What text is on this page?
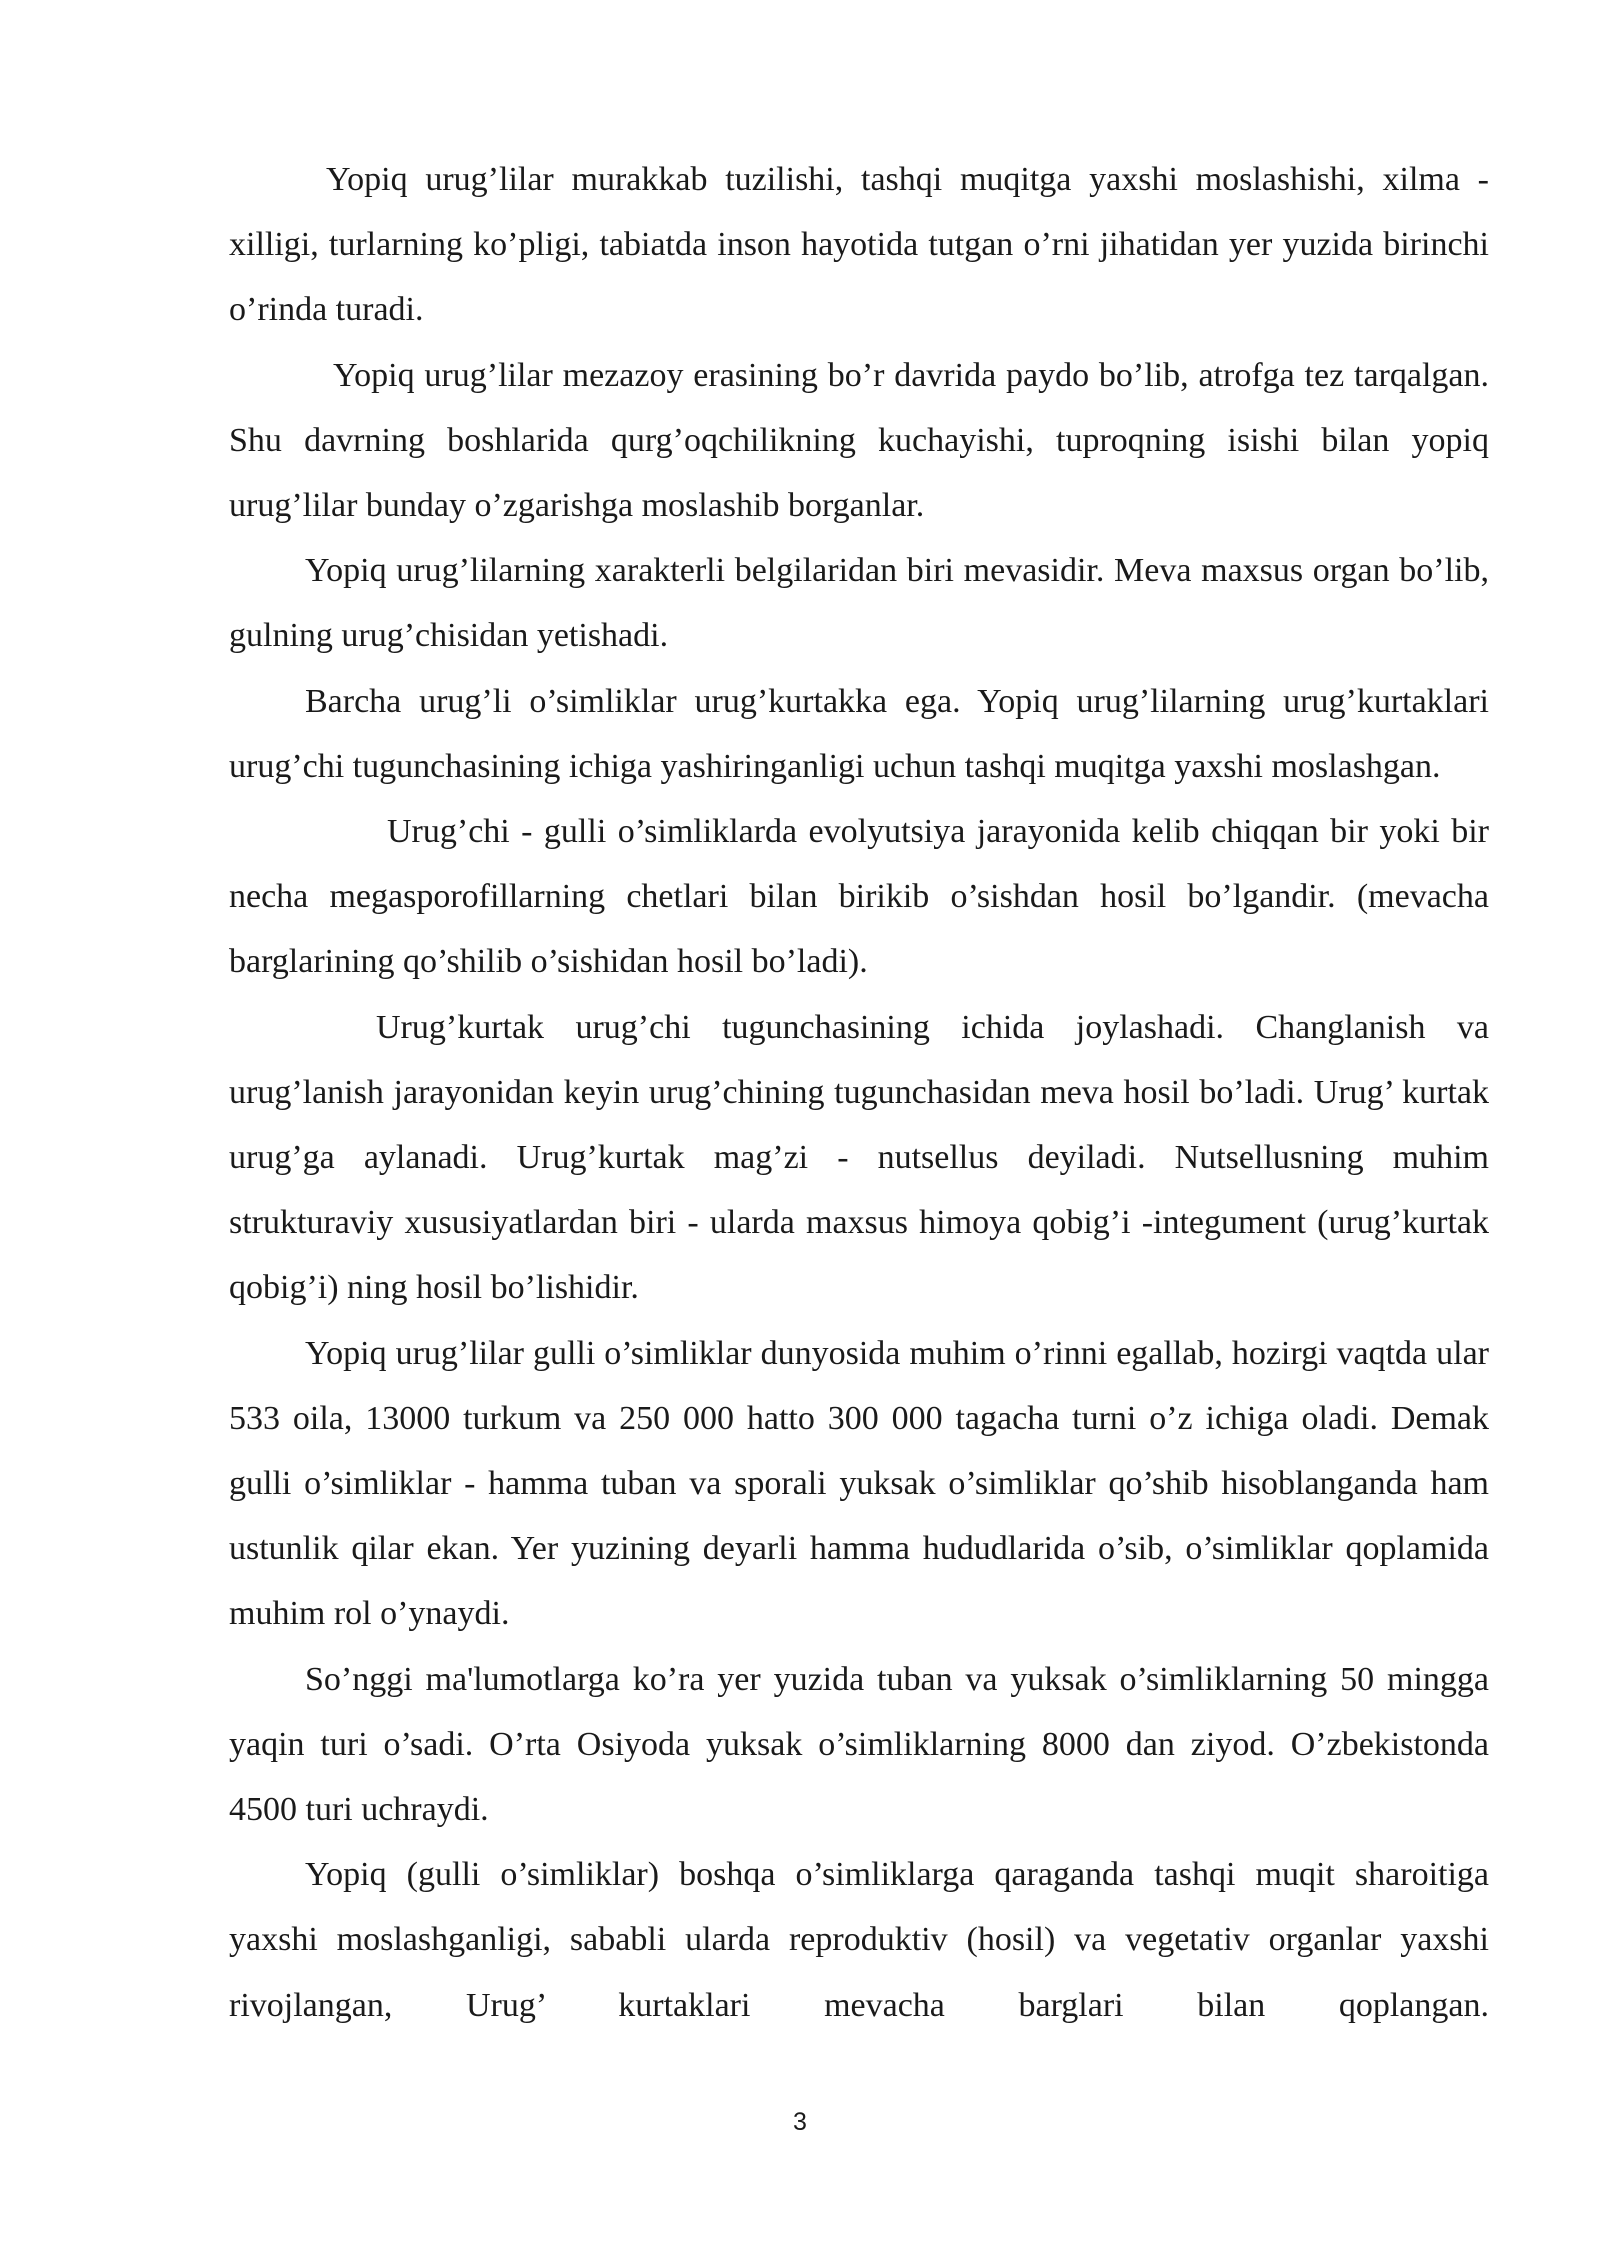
Yopiq urug’lilar murakkab tuzilishi, tashqi muqitga yaxshi moslashishi, xilma -xilligi, turlarning ko’pligi, tabiatda inson hayotida tutgan o’rni jihatidan yer yuzida birinchi o’rinda turadi.

Yopiq urug’lilar mezazoy erasining bo’r davrida paydo bo’lib, atrofga tez tarqalgan. Shu davrning boshlarida qurg’oqchilikning kuchayishi, tuproqning isishi bilan yopiq urug’lilar bunday o’zgarishga moslashib borganlar.

Yopiq urug’lilarning xarakterli belgilaridan biri mevasidir. Meva maxsus organ bo’lib, gulning urug’chisidan yetishadi.

Barcha urug’li o’simliklar urug’kurtakka ega. Yopiq urug’lilarning urug’kurtaklari urug’chi tugunchasining ichiga yashiringanligi uchun tashqi muqitga yaxshi moslashgan.

Urug’chi - gulli o’simliklarda evolyutsiya jarayonida kelib chiqqan bir yoki bir necha megasporofillarning chetlari bilan birikib o’sishdan hosil bo’lgandir. (mevacha barglarining qo’shilib o’sishidan hosil bo’ladi).

Urug’kurtak urug’chi tugunchasining ichida joylashadi. Changlanish va urug’lanish jarayonidan keyin urug’chining tugunchasidan meva hosil bo’ladi. Urug’ kurtak urug’ga aylanadi. Urug’kurtak mag’zi - nutsellus deyiladi. Nutsellusning muhim strukturaviy xususiyatlardan biri - ularda maxsus himoya qobig’i -integument (urug’kurtak qobig’i) ning hosil bo’lishidir.

Yopiq urug’lilar gulli o’simliklar dunyosida muhim o’rinni egallab, hozirgi vaqtda ular 533 oila, 13000 turkum va 250 000 hatto 300 000 tagacha turni o’z ichiga oladi. Demak gulli o’simliklar - hamma tuban va sporali yuksak o’simliklar qo’shib hisoblanganda ham ustunlik qilar ekan. Yer yuzining deyarli hamma hududlarida o’sib, o’simliklar qoplamida muhim rol o’ynaydi.

So’nggi ma'lumotlarga ko’ra yer yuzida tuban va yuksak o’simliklarning 50 mingga yaqin turi o’sadi. O’rta Osiyoda yuksak o’simliklarning 8000 dan ziyod. O’zbekistonda 4500 turi uchraydi.

Yopiq (gulli o’simliklar) boshqa o’simliklarga qaraganda tashqi muqit sharoitiga yaxshi moslashganligi, sababli ularda reproduktiv (hosil) va vegetativ organlar yaxshi rivojlangan, Urug’ kurtaklari mevacha barglari bilan qoplangan.

3
